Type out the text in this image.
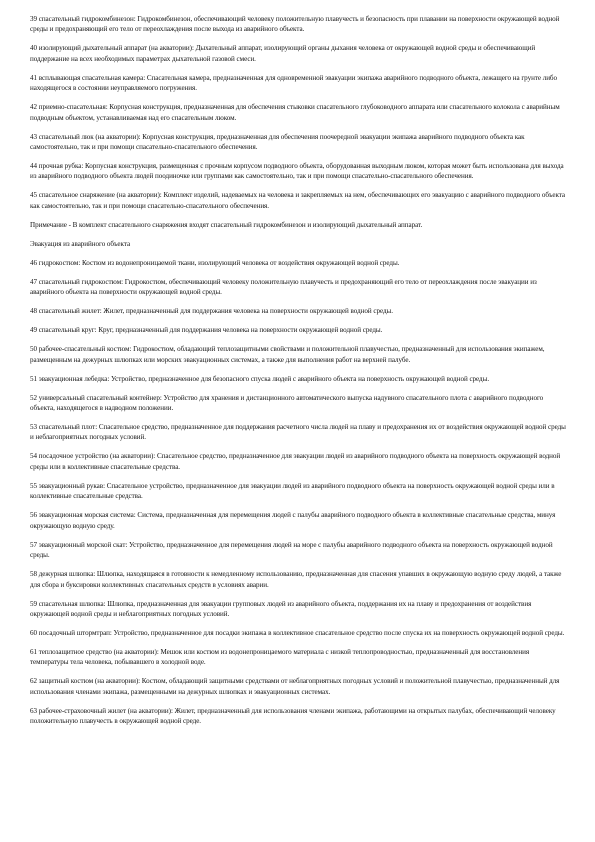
39 спасательный гидрокомбинезон: Гидрокомбинезон, обеспечивающий человеку положительную плавучесть и безопасность при плавании на поверхности окружающей водной среды и предохраняющий его тело от переохлаждения после выхода из аварийного объекта.

40 изолирующий дыхательный аппарат (на акватории): Дыхательный аппарат, изолирующий органы дыхания человека от окружающей водной среды и обеспечивающий поддержание на всех необходимых параметрах дыхательной газовой смеси.

41 всплывающая спасательная камера: Спасательная камера, предназначенная для одновременной эвакуации экипажа аварийного подводного объекта, лежащего на грунте либо находящегося в состоянии неуправляемого погружения.

42 приемно-спасательная: Корпусная конструкция, предназначенная для обеспечения стыковки спасательного глубоководного аппарата или спасательного колокола с аварийным подводным объектом, устанавливаемая над его спасательным люком.

43 спасательный люк (на акватории): Корпусная конструкция, предназначенная для обеспечения поочередной эвакуации экипажа аварийного подводного объекта как самостоятельно, так и при помощи спасательно-спасательного обеспечения.

44 прочная рубка: Корпусная конструкция, размещенная с прочным корпусом подводного объекта, оборудованная выходным люком, которая может быть использована для выхода из аварийного подводного объекта людей поодиночке или группами как самостоятельно, так и при помощи спасательно-спасательного обеспечения.

45 спасательное снаряжение (на акватории): Комплект изделий, надеваемых на человека и закрепляемых на нем, обеспечивающих его эвакуацию с аварийного подводного объекта как самостоятельно, так и при помощи спасательно-спасательного обеспечения.

Примечание - В комплект спасательного снаряжения входят спасательный гидрокомбинезон и изолирующий дыхательный аппарат.

Эвакуация из аварийного объекта

46 гидрокостюм: Костюм из водонепроницаемой ткани, изолирующий человека от воздействия окружающей водной среды.

47 спасательный гидрокостюм: Гидрокостюм, обеспечивающий человеку положительную плавучесть и предохраняющий его тело от переохлаждения после эвакуации из аварийного объекта на поверхности окружающей водной среды.

48 спасательный жилет: Жилет, предназначенный для поддержания человека на поверхности окружающей водной среды.

49 спасательный круг: Круг, предназначенный для поддержания человека на поверхности окружающей водной среды.

50 рабочее-спасательный костюм: Гидрокостюм, обладающий теплозащитными свойствами и положительной плавучестью, предназначенный для использования экипажем, размещенным на дежурных шлюпках или морских эвакуационных системах, а также для выполнения работ на верхней палубе.

51 эвакуационная лебедка: Устройство, предназначенное для безопасного спуска людей с аварийного объекта на поверхность окружающей водной среды.

52 универсальный спасательный контейнер: Устройство для хранения и дистанционного автоматического выпуска надувного спасательного плота с аварийного подводного объекта, находящегося в надводном положении.

53 спасательный плот: Спасательное средство, предназначенное для поддержания расчетного числа людей на плаву и предохранения их от воздействия окружающей водной среды и неблагоприятных погодных условий.

54 посадочное устройство (на акватории): Спасательное средство, предназначенное для эвакуации людей из аварийного подводного объекта на поверхность окружающей водной среды или в коллективные спасательные средства.

55 эвакуационный рукав: Спасательное устройство, предназначенное для эвакуации людей из аварийного подводного объекта на поверхность окружающей водной среды или в коллективные спасательные средства.

56 эвакуационная морская система: Система, предназначенная для перемещения людей с палубы аварийного подводного объекта в коллективные спасательные средства, минуя окружающую водную среду.

57 эвакуационный морской скат: Устройство, предназначенное для перемещения людей на море с палубы аварийного подводного объекта на поверхность окружающей водной среды.

58 дежурная шлюпка: Шлюпка, находящаяся в готовности к немедленному использованию, предназначенная для спасения упавших в окружающую водную среду людей, а также для сбора и буксировки коллективных спасательных средств в условиях аварии.

59 спасательная шлюпка: Шлюпка, предназначенная для эвакуации групповых людей из аварийного объекта, поддержания их на плаву и предохранения от воздействия окружающей водной среды и неблагоприятных погодных условий.

60 посадочный штормтрап: Устройство, предназначенное для посадки экипажа в коллективное спасательное средство после спуска их на поверхность окружающей водной среды.

61 теплозащитное средство (на акватории): Мешок или костюм из водонепроницаемого материала с низкой теплопроводностью, предназначенный для восстановления температуры тела человека, побывавшего в холодной воде.

62 защитный костюм (на акватории): Костюм, обладающий защитными средствами от неблагоприятных погодных условий и положительной плавучестью, предназначенный для использования членами экипажа, размещенными на дежурных шлюпках и эвакуационных системах.

63 рабочее-страховочный жилет (на акватории): Жилет, предназначенный для использования членами экипажа, работающими на открытых палубах, обеспечивающий человеку положительную плавучесть в окружающей водной среде.
